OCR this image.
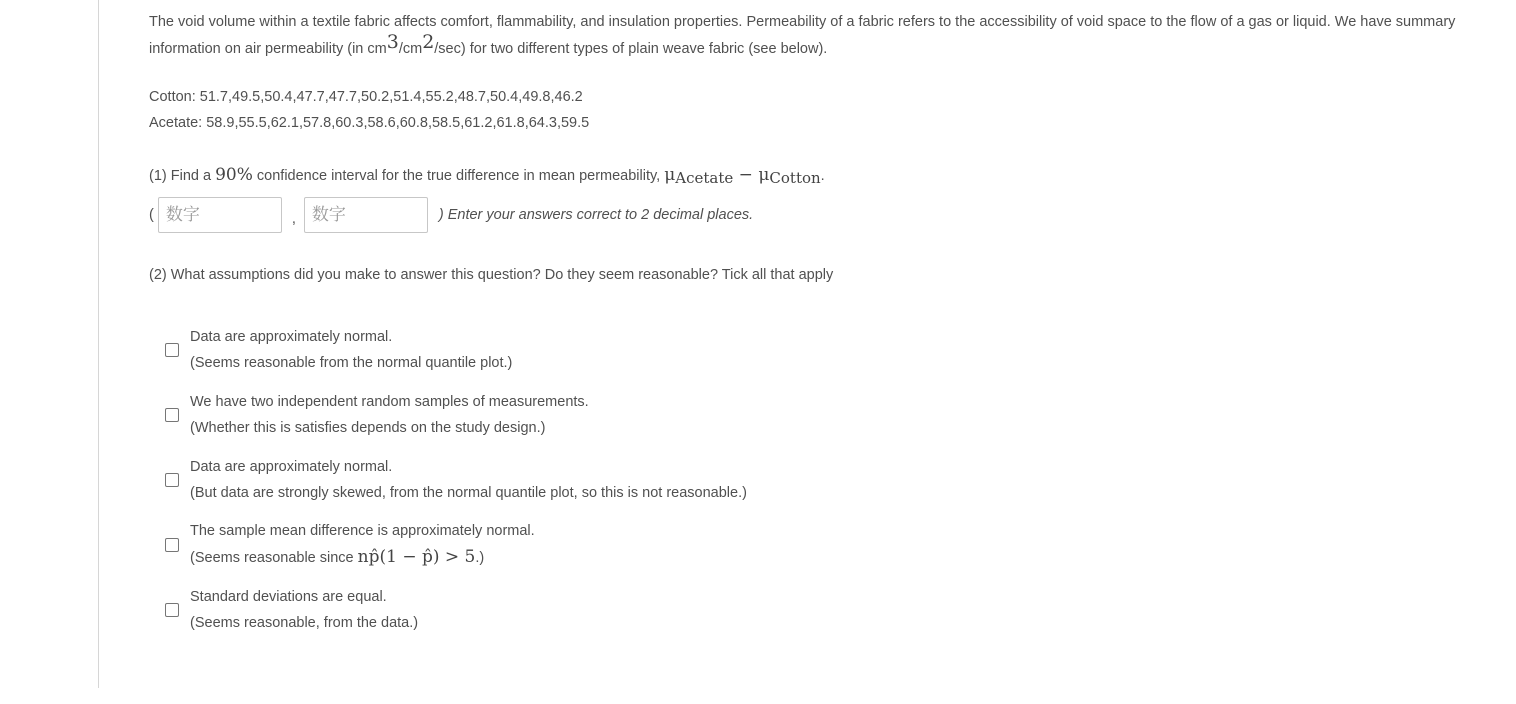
The void volume within a textile fabric affects comfort, flammability, and insulation properties. Permeability of a fabric refers to the accessibility of void space to the flow of a gas or liquid. We have summary information on air permeability (in cm3/cm2/sec) for two different types of plain weave fabric (see below).

Cotton: 51.7,49.5,50.4,47.7,47.7,50.2,51.4,55.2,48.7,50.4,49.8,46.2
Acetate: 58.9,55.5,62.1,57.8,60.3,58.6,60.8,58.5,61.2,61.8,64.3,59.5
(1) Find a 90% confidence interval for the true difference in mean permeability, μAcetate − μCotton.
(
数字	,
数字	) Enter your answers correct to 2 decimal places.
(2) What assumptions did you make to answer this question? Do they seem reasonable? Tick all that apply
Data are approximately normal.
(Seems reasonable from the normal quantile plot.)
We have two independent random samples of measurements.
(Whether this is satisfies depends on the study design.)
Data are approximately normal.
(But data are strongly skewed, from the normal quantile plot, so this is not reasonable.)
The sample mean difference is approximately normal.
(Seems reasonable since np̂(1 − p̂) > 5.)
Standard deviations are equal.
(Seems reasonable, from the data.)
